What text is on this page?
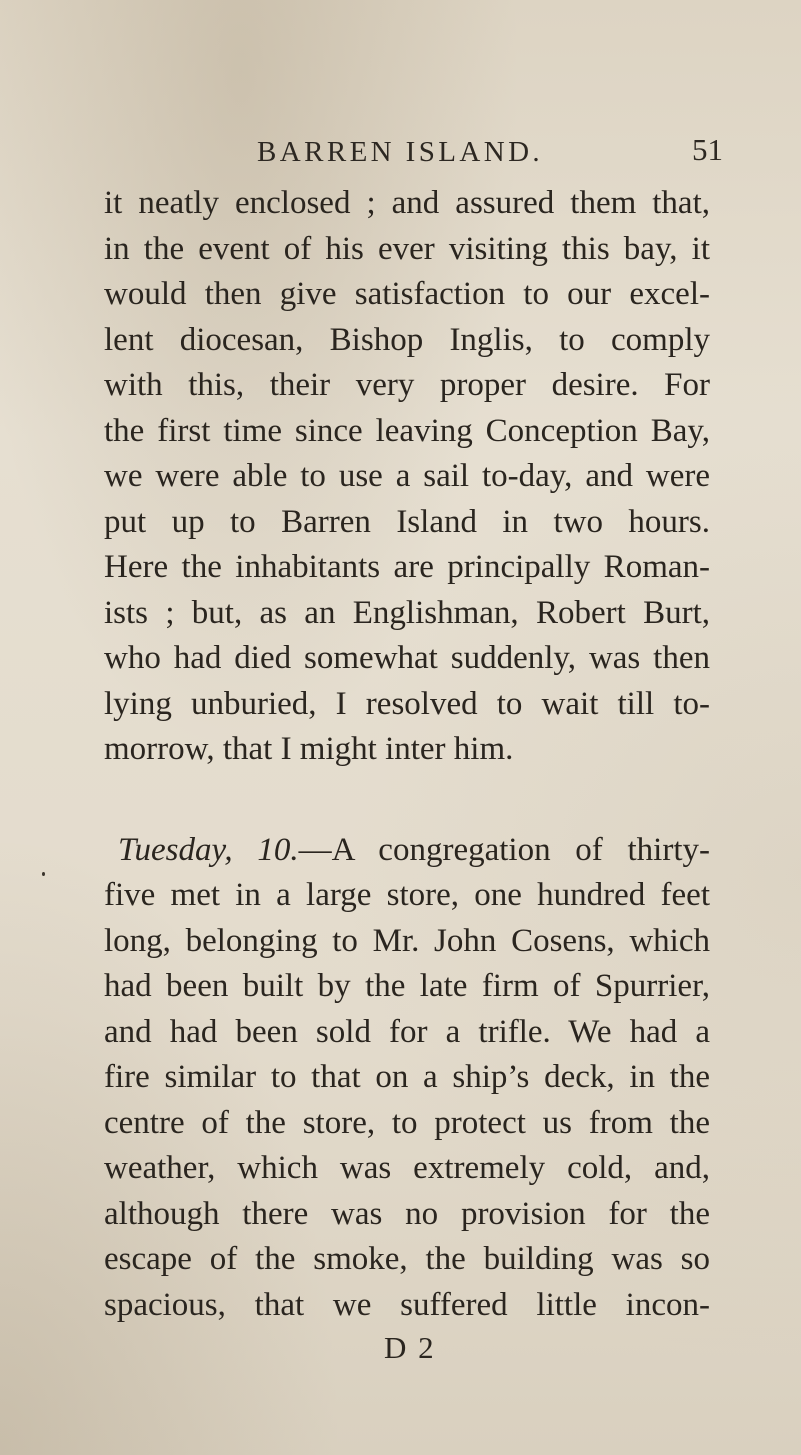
BARREN ISLAND.	51
it neatly enclosed ; and assured them that,
in the event of his ever visiting this bay, it
would then give satisfaction to our excel-
lent diocesan, Bishop Inglis, to comply
with this, their very proper desire. For
the first time since leaving Conception Bay,
we were able to use a sail to-day, and were
put up to Barren Island in two hours.
Here the inhabitants are principally Roman-
ists ; but, as an Englishman, Robert Burt,
who had died somewhat suddenly, was then
lying unburied, I resolved to wait till to-
morrow, that I might inter him.
Tuesday, 10.—A congregation of thirty-
five met in a large store, one hundred feet
long, belonging to Mr. John Cosens, which
had been built by the late firm of Spurrier,
and had been sold for a trifle. We had a
fire similar to that on a ship’s deck, in the
centre of the store, to protect us from the
weather, which was extremely cold, and,
although there was no provision for the
escape of the smoke, the building was so
spacious, that we suffered little incon-
D 2
